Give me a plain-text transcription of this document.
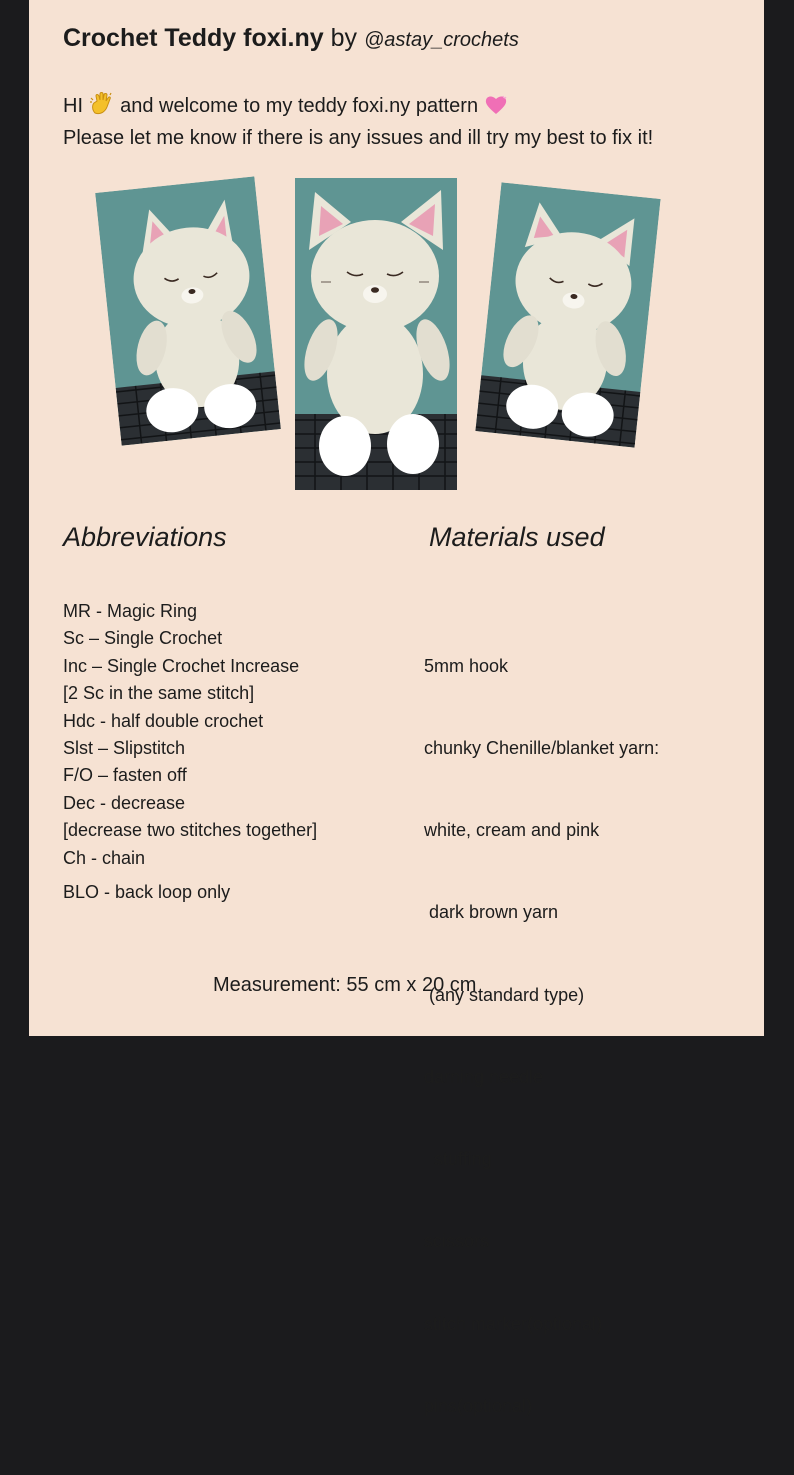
Crochet Teddy foxi.ny by @astay_crochets
HI and welcome to my teddy foxi.ny pattern
Please let me know if there is any issues and ill try my best to fix it!
Abbreviations	Materials used
MR - Magic Ring
Sc – Single Crochet
Inc – Single Crochet Increase
[2 Sc in the same stitch]
Hdc - half double crochet
Slst – Slipstitch
F/O – fasten off
Dec - decrease
[decrease two stitches together]
Ch - chain
BLO - back loop only

5mm hook

chunky Chenille/blanket yarn:

white, cream and pink

dark brown yarn

(any standard type)

darning needle

stuffing

scissors

stitch marker(optional)

pins(optional)

Measurement: 55 cm x 20 cm
